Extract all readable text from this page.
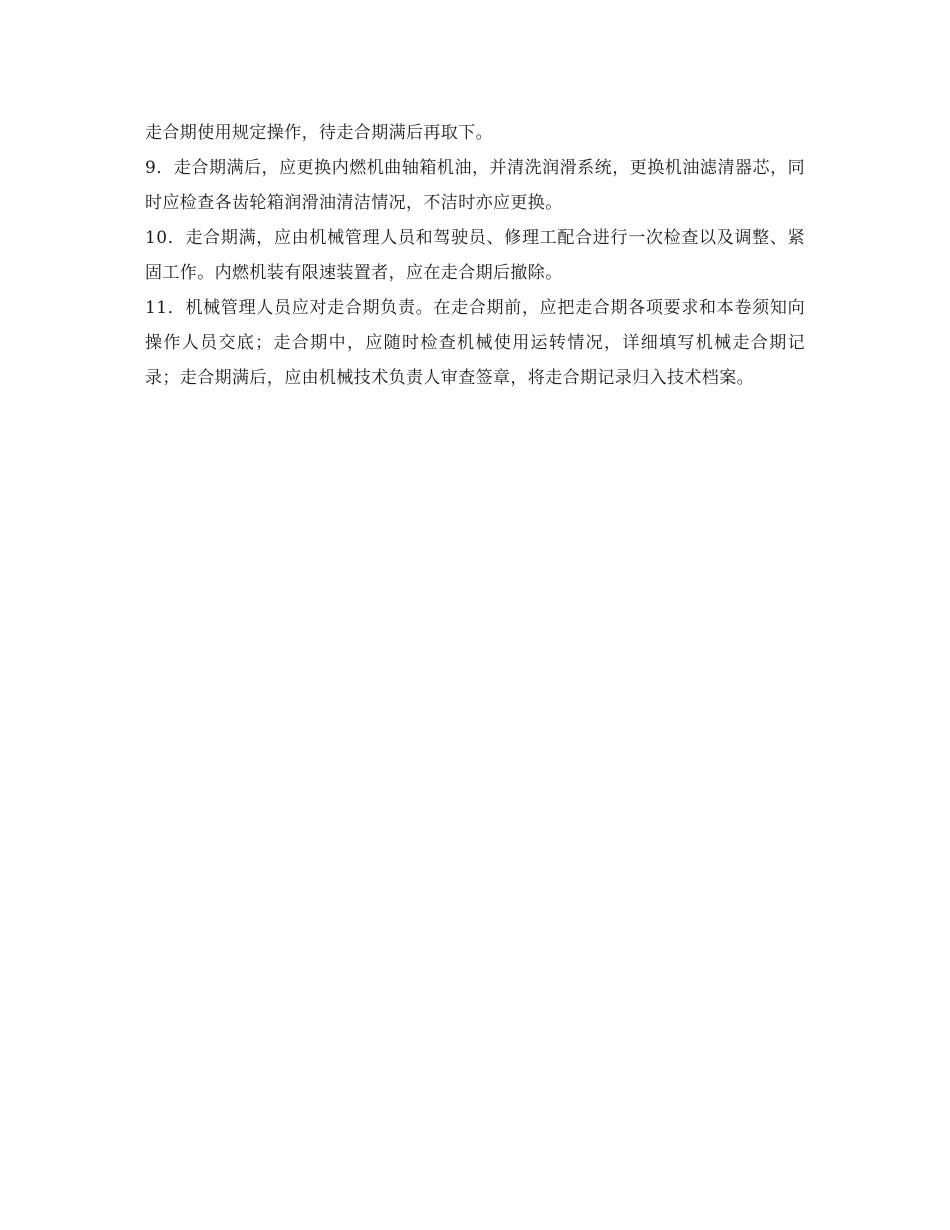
走合期使用规定操作，待走合期满后再取下。

9．走合期满后，应更换内燃机曲轴箱机油，并清洗润滑系统，更换机油滤清器芯，同时应检查各齿轮箱润滑油清洁情况，不洁时亦应更换。

10．走合期满，应由机械管理人员和驾驶员、修理工配合进行一次检查以及调整、紧固工作。内燃机装有限速装置者，应在走合期后撤除。

11．机械管理人员应对走合期负责。在走合期前，应把走合期各项要求和本卷须知向操作人员交底；走合期中，应随时检查机械使用运转情况，详细填写机械走合期记录；走合期满后，应由机械技术负责人审查签章，将走合期记录归入技术档案。
